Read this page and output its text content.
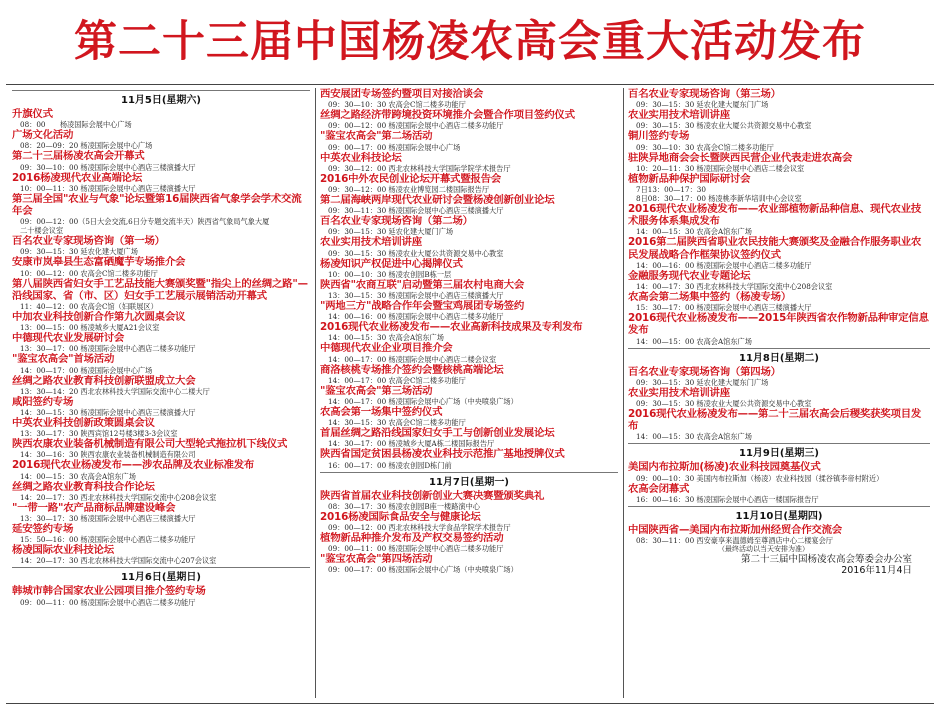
第二十三届中国杨凌农高会重大活动发布
11月5日(星期六)
升旗仪式
08：00　　杨凌国际会展中心广场
广场文化活动
08：20—09：20 杨凌国际会展中心广场
第二十三届杨凌农高会开幕式
09：30—10：00 杨凌国际会展中心酒店三楼演播大厅
2016杨凌现代农业高端论坛
10：00—11：30 杨凌国际会展中心酒店三楼演播大厅
第三届全国"农业与气象"论坛暨第16届陕西省气象学会学术交流年会
09：00—12：00（5日大会交流,6日分专题交流半天）陕西省气象局气象大厦
二十楼会议室
百名农业专家现场咨询（第一场）
09：30—15：30 延农化建大厦广场
安康市岚皋县生态富硒魔芋专场推介会
10：00—12：00 农高会C馆二楼多功能厅
第八届陕西省妇女手工艺品技能大赛颁奖暨"指尖上的丝绸之路"—沿线国家、省（市、区）妇女手工艺展示展销活动开幕式
11：40—12：00 农高会C馆（妇联展区）
中加农业科技创新合作第九次圆桌会议
13：00—15：00 杨凌城乡大厦A21会议室
中德现代农业发展研讨会
13：30—17：00 杨凌国际会展中心酒店二楼多功能厅
"鉴宝农高会"首场活动
14：00—17：00 杨凌国际会展中心广场
丝绸之路农业教育科技创新联盟成立大会
13：30—14：20 西北农林科技大学国际交流中心二楼大厅
咸阳签约专场
14：30—15：30 杨凌国际会展中心酒店三楼演播大厅
中英农业科技创新政策圆桌会议
13：30—17：30 陕西宾馆12号楼3楼3-3会议室
陕西农康农业装备机械制造有限公司大型轮式拖拉机下线仪式
14：30—16：30 陕西农康农业装备机械制造有限公司
2016现代农业杨凌发布——涉农品牌及农业标准发布
14：00—15：30 农高会A馆东广场
丝绸之路农业教育科技合作论坛
14：20—17：30 西北农林科技大学国际交流中心208会议室
"一带一路"农产品商标品牌建设峰会
13：30—17：30 杨凌国际会展中心酒店三楼演播大厅
延安签约专场
15：50—16：00 杨凌国际会展中心酒店二楼多功能厅
杨凌国际农业科技论坛
14：20—17：30 西北农林科技大学国际交流中心207会议室
11月6日(星期日)
韩城市韩合国家农业公园项目推介签约专场
09：00—11：00 杨凌国际会展中心酒店二楼多功能厅
西安展团专场签约暨项目对接洽谈会
09：30—10：30 农高会C馆二楼多功能厅
丝绸之路经济带跨境投资环境推介会暨合作项目签约仪式
09：00—12：00 杨凌国际会展中心酒店二楼多功能厅
"鉴宝农高会"第二场活动
09：00—17：00 杨凌国际会展中心广场
中英农业科技论坛
09：30—12：00 西北农林科技大学国际学院学术报告厅
2016中外农民创业论坛开幕式暨报告会
09：30—12：00 杨凌农业博览园二楼国际报告厅
第二届海峡两岸现代农业研讨会暨杨凌创新创业论坛
09：30—11：30 杨凌国际会展中心酒店三楼演播大厅
百名农业专家现场咨询（第二场）
09：30—15：30 延农化建大厦门广场
农业实用技术培训讲座
09：30—15：30 杨凌农业大厦公共资源交易中心教室
杨凌知识产权促进中心揭牌仪式
10：00—10：30 杨凌农创园B栋一层
陕西省"农商互联"启动暨第三届农村电商大会
13：30—15：30 杨凌国际会展中心酒店三楼演播大厅
"两地三方"战略合作年会暨宝鸡展团专场签约
14：00—16：00 杨凌国际会展中心酒店二楼多功能厅
2016现代农业杨凌发布——农业高新科技成果及专利发布
14：00—15：30 农高会A馆东广场
中德现代农业企业项目推介会
14：00—17：00 杨凌国际会展中心酒店二楼会议室
商洛核桃专场推介签约会暨核桃高端论坛
14：00—17：00 农高会C馆二楼多功能厅
"鉴宝农高会"第三场活动
14：00—17：00 杨凌国际会展中心广场（中央喷泉广场）
农高会第一场集中签约仪式
14：30—15：30 农高会C馆二楼多功能厅
首届丝绸之路沿线国家妇女手工与创新创业发展论坛
14：30—17：00 杨凌城乡大厦A栋二楼国际报告厅
陕西省国定贫困县杨凌农业科技示范推广基地授牌仪式
16：00—17：00 杨凌农创园D栋门前
11月7日(星期一)
陕西省首届农业科技创新创业大赛决赛暨颁奖典礼
08：30—17：30 杨凌农创园B座一楼路演中心
2016杨凌国际食品安全与健康论坛
09：00—12：00 西北农林科技大学食品学院学术报告厅
植物新品种推介发布及产权交易签约活动
09：00—11：00 杨凌国际会展中心酒店二楼多功能厅
"鉴宝农高会"第四场活动
09：00—17：00 杨凌国际会展中心广场（中央喷泉广场）
百名农业专家现场咨询（第三场）
09：30—15：30 延农化建大厦东门广场
农业实用技术培训讲座
09：30—15：30 杨凌农业大厦公共资源交易中心教室
铜川签约专场
09：30—10：30 农高会C馆二楼多功能厅
驻陕异地商会会长暨陕西民营企业代表走进农高会
10：20—11：30 杨凌国际会展中心酒店二楼会议室
植物新品种保护国际研讨会
7日13：00—17：30
8日08：30—17：00 杨凌桃李新华培训中心会议室
2016现代农业杨凌发布——农业部植物新品种信息、现代农业技术服务体系集成发布
14：00—15：30 农高会A馆东广场
2016第二届陕西省职业农民技能大赛颁奖及金融合作服务职业农民发展战略合作框架协议签约仪式
14：00—16：00 杨凌国际会展中心酒店二楼多功能厅
金融服务现代农业专题论坛
14：00—17：30 西北农林科技大学国际交流中心208会议室
农高会第二场集中签约（杨凌专场）
15：30—17：00 杨凌国际会展中心酒店三楼演播大厅
2016现代农业杨凌发布——2015年陕西省农作物新品种审定信息发布
14：00—15：00 农高会A馆东广场
11月8日(星期二)
百名农业专家现场咨询（第四场）
09：30—15：30 延农化建大厦东门广场
农业实用技术培训讲座
09：30—15：30 杨凌农业大厦公共资源交易中心教室
2016现代农业杨凌发布——第二十三届农高会后稷奖获奖项目发布
14：00—15：30 农高会A馆东广场
11月9日(星期三)
美国内布拉斯加(杨凌)农业科技园奠基仪式
09：00—10：30 美国内布拉斯加（杨凌）农业科技园（揉谷镇李帝村附近）
农高会闭幕式
16：00—16：30 杨凌国际会展中心酒店一楼国际报告厅
11月10日(星期四)
中国陕西省—美国内布拉斯加州经贸合作交流会
08：30—11：00 西安豪享来温德姆至尊酒店中心二楼宴会厅
（最终活动以当天安排为准）
第二十三届中国杨凌农高会筹委会办公室
2016年11月4日
